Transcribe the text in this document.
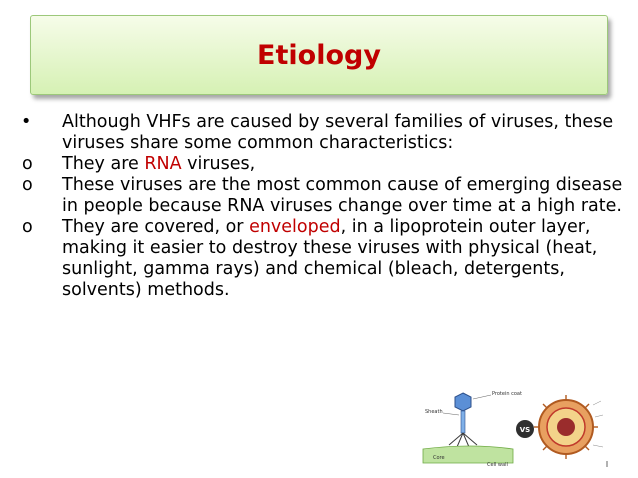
Etiology
• Although VHFs are caused by several families of viruses, these viruses share some common characteristics:
o They are RNA viruses,
o These viruses are the most common cause of emerging disease in people because RNA viruses change over time at a high rate.
o They are covered, or enveloped, in a lipoprotein outer layer, making it easier to destroy these viruses with physical (heat, sunlight, gamma rays) and chemical (bleach, detergents, solvents) methods.
Protein coat
Sheath
Core
Cell wall
VS
